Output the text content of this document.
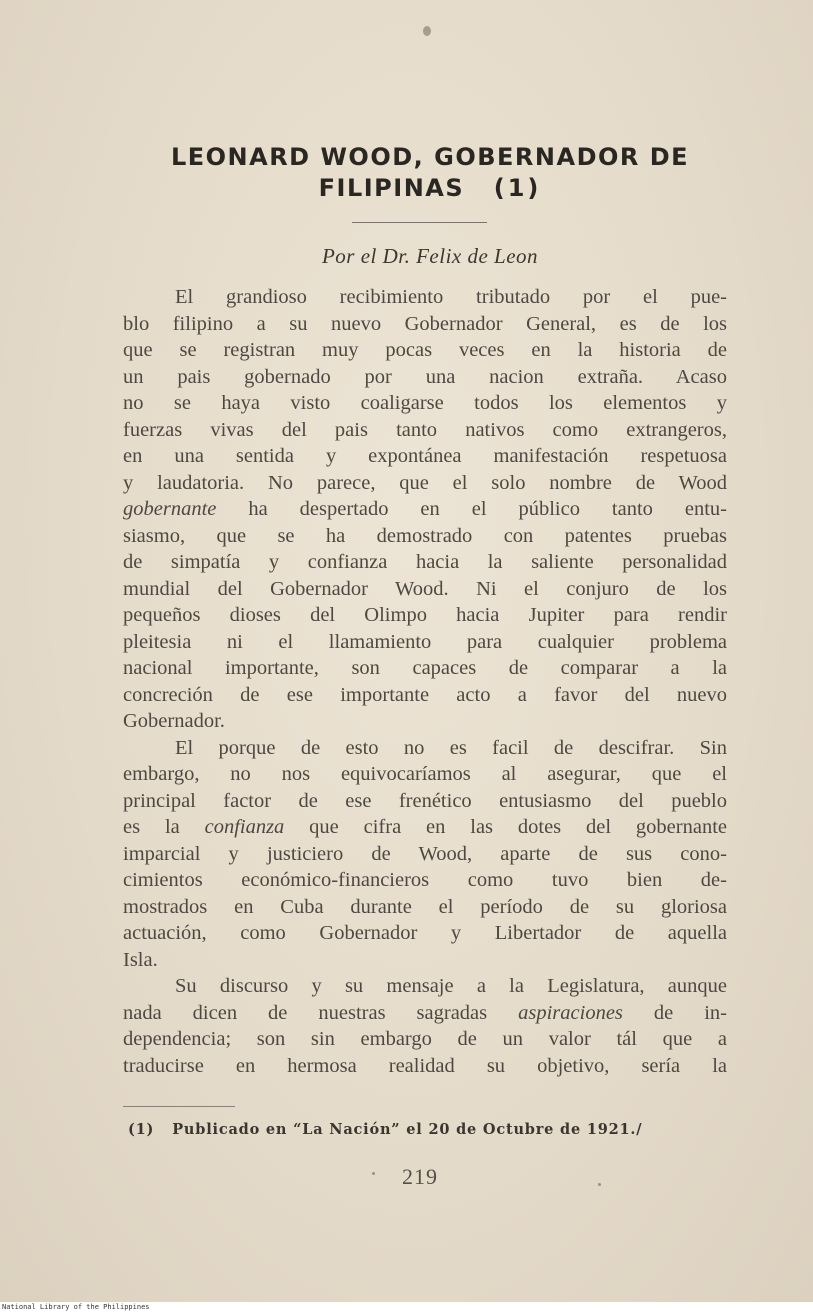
LEONARD WOOD, GOBERNADOR DE
FILIPINAS (1)
Por el Dr. Felix de Leon
El grandioso recibimiento tributado por el pue-
blo filipino a su nuevo Gobernador General, es de los
que se registran muy pocas veces en la historia de
un pais gobernado por una nacion extraña. Acaso
no se haya visto coaligarse todos los elementos y
fuerzas vivas del pais tanto nativos como extrangeros,
en una sentida y expontánea manifestación respetuosa
y laudatoria. No parece, que el solo nombre de Wood
gobernante ha despertado en el público tanto entu-
siasmo, que se ha demostrado con patentes pruebas
de simpatía y confianza hacia la saliente personalidad
mundial del Gobernador Wood. Ni el conjuro de los
pequeños dioses del Olimpo hacia Jupiter para rendir
pleitesia ni el llamamiento para cualquier problema
nacional importante, son capaces de comparar a la
concreción de ese importante acto a favor del nuevo
Gobernador.
El porque de esto no es facil de descifrar. Sin
embargo, no nos equivocaríamos al asegurar, que el
principal factor de ese frenético entusiasmo del pueblo
es la confianza que cifra en las dotes del gobernante
imparcial y justiciero de Wood, aparte de sus cono-
cimientos económico-financieros como tuvo bien de-
mostrados en Cuba durante el período de su gloriosa
actuación, como Gobernador y Libertador de aquella
Isla.
Su discurso y su mensaje a la Legislatura, aunque
nada dicen de nuestras sagradas aspiraciones de in-
dependencia; son sin embargo de un valor tál que a
traducirse en hermosa realidad su objetivo, sería la
(1) Publicado en “La Nación” el 20 de Octubre de 1921./
219
National Library of the Philippines
